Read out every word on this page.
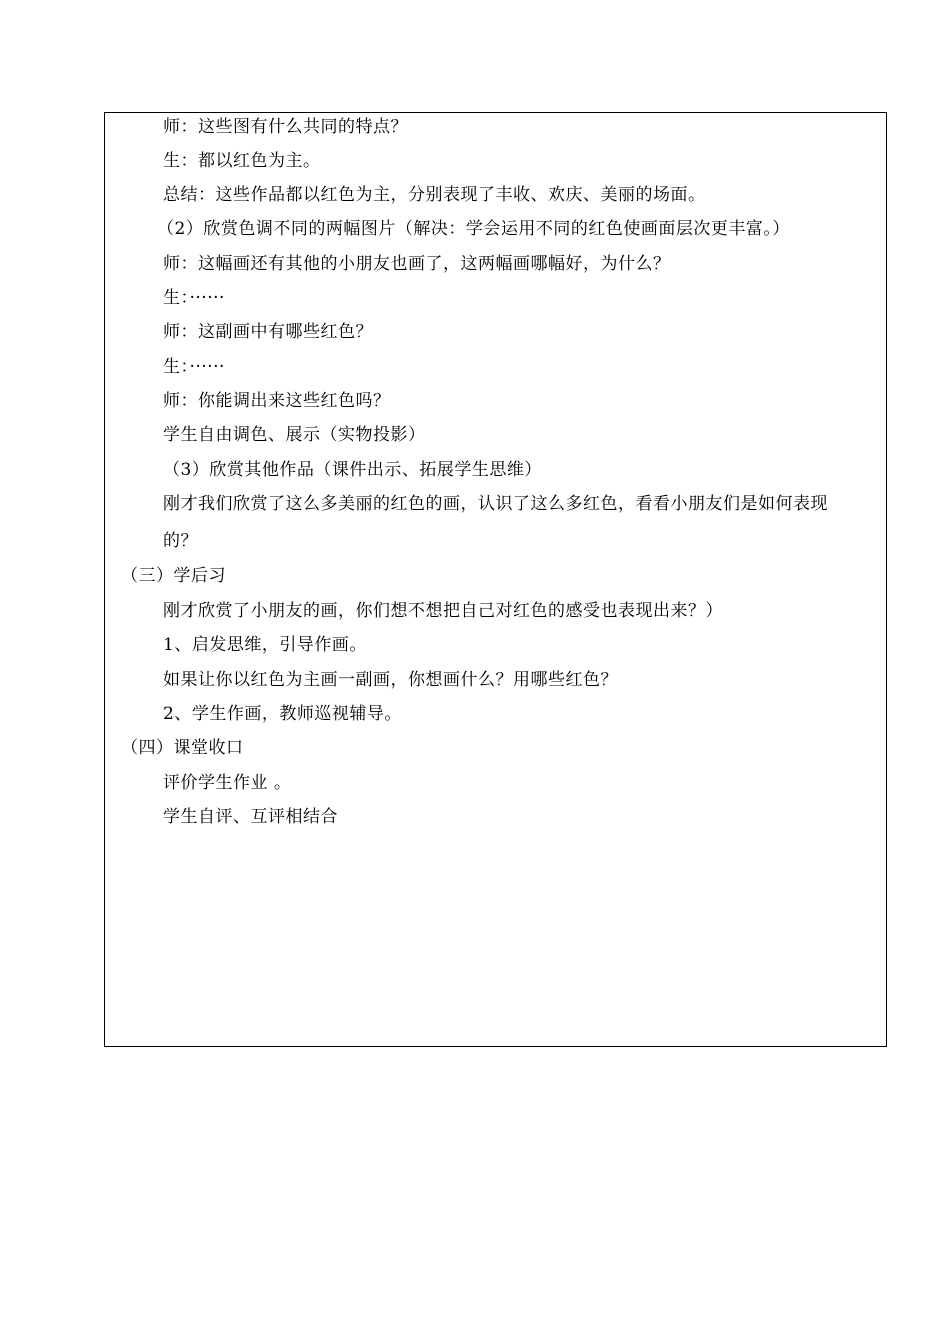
师：这些图有什么共同的特点？
生：都以红色为主。
总结：这些作品都以红色为主，分别表现了丰收、欢庆、美丽的场面。
（2）欣赏色调不同的两幅图片（解决：学会运用不同的红色使画面层次更丰富。）
师：这幅画还有其他的小朋友也画了，这两幅画哪幅好，为什么？
生：······
师：这副画中有哪些红色？
生：······
师：你能调出来这些红色吗？
学生自由调色、展示（实物投影）
（3）欣赏其他作品（课件出示、拓展学生思维）
刚才我们欣赏了这么多美丽的红色的画，认识了这么多红色，看看小朋友们是如何表现
的？
（三）学后习
刚才欣赏了小朋友的画，你们想不想把自己对红色的感受也表现出来？）
1、启发思维，引导作画。
如果让你以红色为主画一副画，你想画什么？用哪些红色？
2、学生作画，教师巡视辅导。
（四）课堂收口
评价学生作业 。
学生自评、互评相结合
